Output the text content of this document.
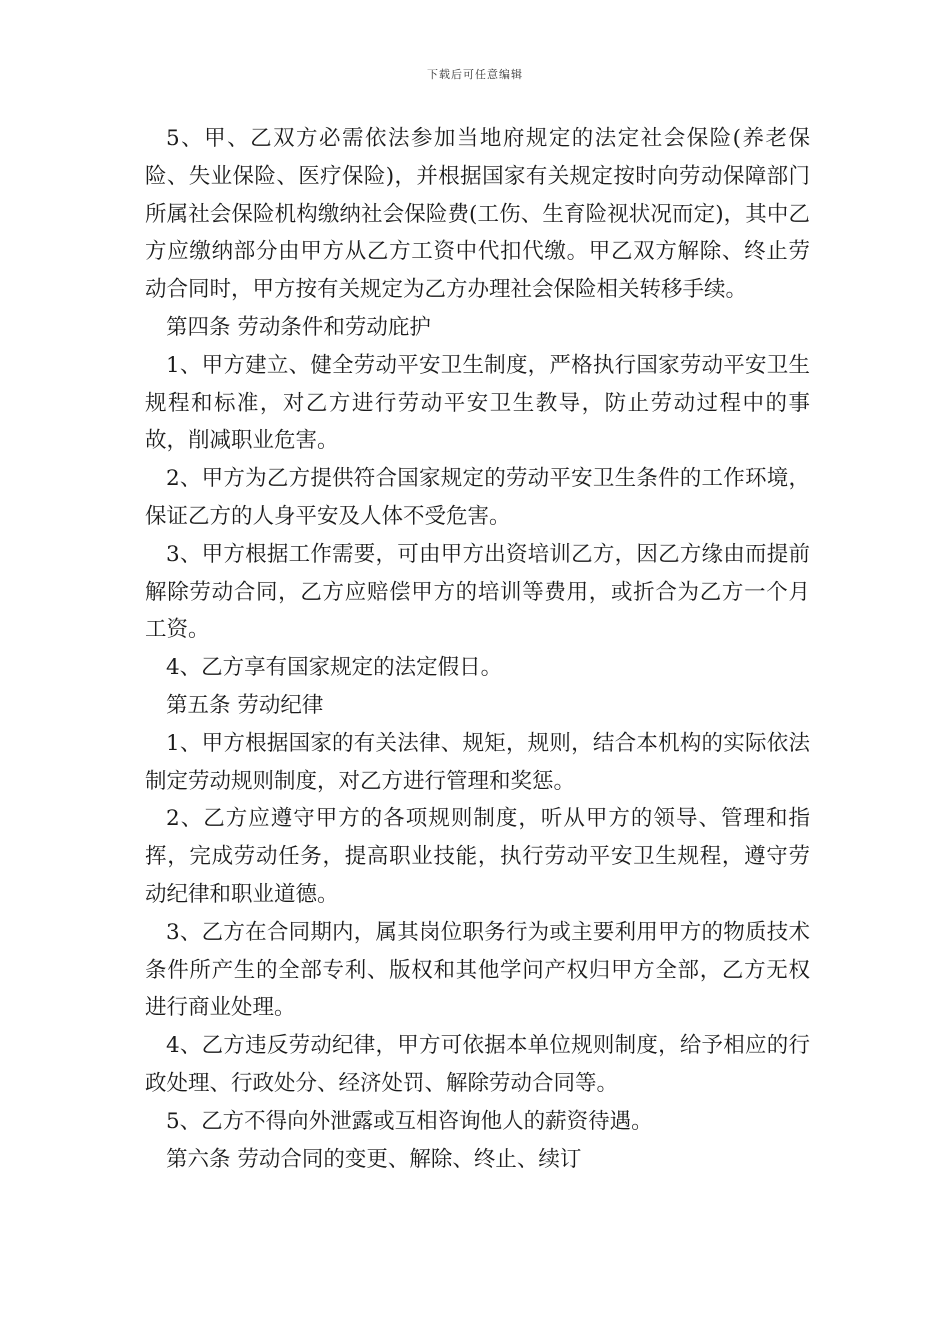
下载后可任意编辑

5、甲、乙双方必需依法参加当地府规定的法定社会保险(养老保险、失业保险、医疗保险)，并根据国家有关规定按时向劳动保障部门所属社会保险机构缴纳社会保险费(工伤、生育险视状况而定)，其中乙方应缴纳部分由甲方从乙方工资中代扣代缴。甲乙双方解除、终止劳动合同时，甲方按有关规定为乙方办理社会保险相关转移手续。

第四条 劳动条件和劳动庇护

1、甲方建立、健全劳动平安卫生制度，严格执行国家劳动平安卫生规程和标准，对乙方进行劳动平安卫生教导，防止劳动过程中的事故，削减职业危害。

2、甲方为乙方提供符合国家规定的劳动平安卫生条件的工作环境，保证乙方的人身平安及人体不受危害。

3、甲方根据工作需要，可由甲方出资培训乙方，因乙方缘由而提前解除劳动合同，乙方应赔偿甲方的培训等费用，或折合为乙方一个月工资。

4、乙方享有国家规定的法定假日。

第五条 劳动纪律

1、甲方根据国家的有关法律、规矩，规则，结合本机构的实际依法制定劳动规则制度，对乙方进行管理和奖惩。

2、乙方应遵守甲方的各项规则制度，听从甲方的领导、管理和指挥，完成劳动任务，提高职业技能，执行劳动平安卫生规程，遵守劳动纪律和职业道德。

3、乙方在合同期内，属其岗位职务行为或主要利用甲方的物质技术条件所产生的全部专利、版权和其他学问产权归甲方全部，乙方无权进行商业处理。

4、乙方违反劳动纪律，甲方可依据本单位规则制度，给予相应的行政处理、行政处分、经济处罚、解除劳动合同等。

5、乙方不得向外泄露或互相咨询他人的薪资待遇。

第六条 劳动合同的变更、解除、终止、续订
